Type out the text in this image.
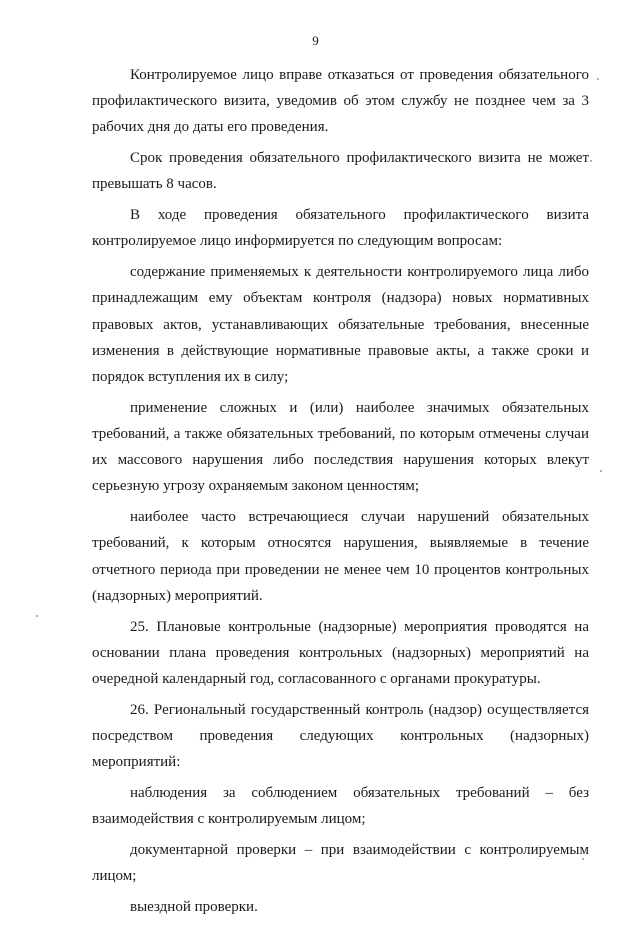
9

Контролируемое лицо вправе отказаться от проведения обязательного профилактического визита, уведомив об этом службу не позднее чем за 3 рабочих дня до даты его проведения.

Срок проведения обязательного профилактического визита не может превышать 8 часов.

В ходе проведения обязательного профилактического визита контролируемое лицо информируется по следующим вопросам:

содержание применяемых к деятельности контролируемого лица либо принадлежащим ему объектам контроля (надзора) новых нормативных правовых актов, устанавливающих обязательные требования, внесенные изменения в действующие нормативные правовые акты, а также сроки и порядок вступления их в силу;

применение сложных и (или) наиболее значимых обязательных требований, а также обязательных требований, по которым отмечены случаи их массового нарушения либо последствия нарушения которых влекут серьезную угрозу охраняемым законом ценностям;

наиболее часто встречающиеся случаи нарушений обязательных требований, к которым относятся нарушения, выявляемые в течение отчетного периода при проведении не менее чем 10 процентов контрольных (надзорных) мероприятий.

25. Плановые контрольные (надзорные) мероприятия проводятся на основании плана проведения контрольных (надзорных) мероприятий на очередной календарный год, согласованного с органами прокуратуры.

26. Региональный государственный контроль (надзор) осуществляется посредством проведения следующих контрольных (надзорных) мероприятий:

наблюдения за соблюдением обязательных требований – без взаимодействия с контролируемым лицом;

документарной проверки – при взаимодействии с контролируемым лицом;

выездной проверки.
